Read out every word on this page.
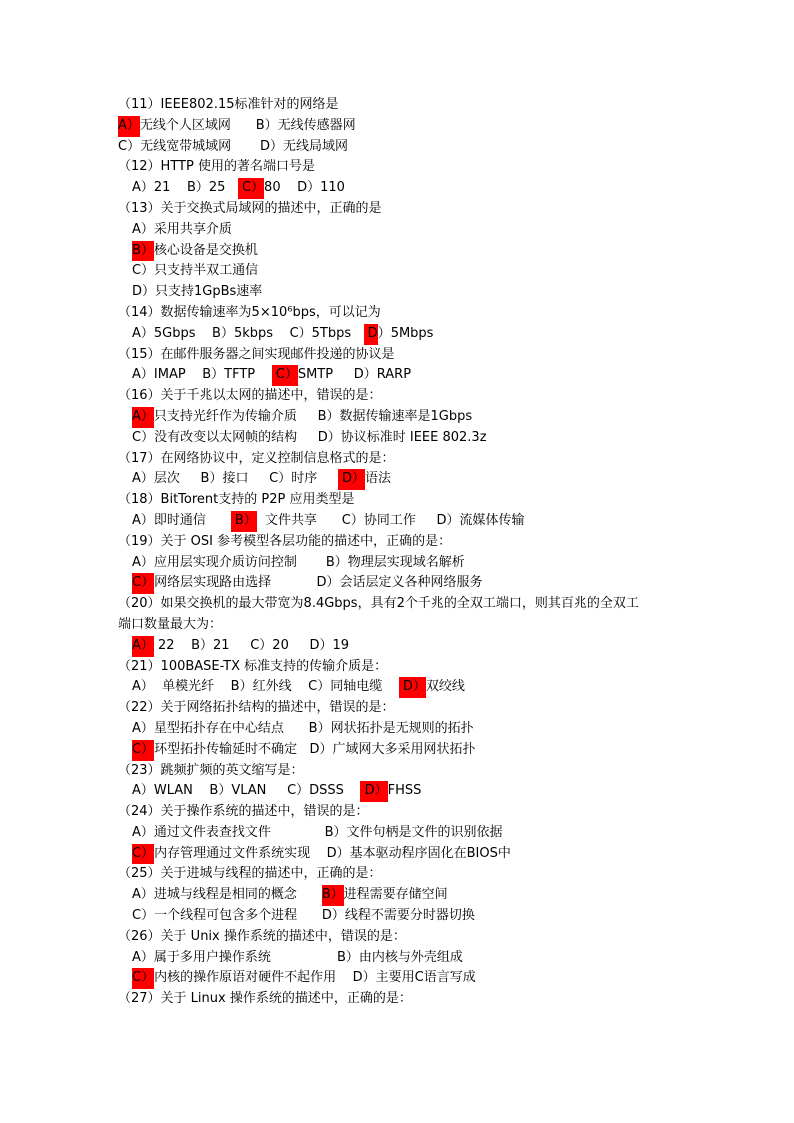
（11）IEEE802.15标准针对的网络是
A）无线个人区域网      B）无线传感器网
C）无线宽带城域网       D）无线局域网
（12）HTTP 使用的著名端口号是
A）21    B）25    C）80    D）110
（13）关于交换式局域网的描述中，正确的是
A）采用共享介质
B）核心设备是交换机
C）只支持半双工通信
D）只支持1GpBs速率
（14）数据传输速率为5×10⁶bps，可以记为
A）5Gbps    B）5kbps    C）5Tbps    D）5Mbps
（15）在邮件服务器之间实现邮件投递的协议是
A）IMAP    B）TFTP     C）SMTP     D）RARP
（16）关于千兆以太网的描述中，错误的是：
A）只支持光纤作为传输介质     B）数据传输速率是1Gbps
C）没有改变以太网帧的结构     D）协议标准时 IEEE 802.3z
（17）在网络协议中，定义控制信息格式的是：
A）层次     B）接口     C）时序      D）语法
（18）BitTorent支持的 P2P 应用类型是
A）即时通信       B）  文件共享      C）协同工作     D）流媒体传输
（19）关于 OSI 参考模型各层功能的描述中，正确的是：
A）应用层实现介质访问控制       B）物理层实现域名解析
C）网络层实现路由选择           D）会话层定义各种网络服务
（20）如果交换机的最大带宽为8.4Gbps，具有2个千兆的全双工端口，则其百兆的全双工
端口数量最大为：
A） 22    B）21     C）20     D）19
（21）100BASE-TX 标准支持的传输介质是：
A）  单模光纤    B）红外线    C）同轴电缆     D）双绞线
（22）关于网络拓扑结构的描述中，错误的是：
A）星型拓扑存在中心结点      B）网状拓扑是无规则的拓扑
C）环型拓扑传输延时不确定   D）广域网大多采用网状拓扑
（23）跳频扩频的英文缩写是：
A）WLAN    B）VLAN     C）DSSS     D）FHSS
（24）关于操作系统的描述中，错误的是：
A）通过文件表查找文件             B）文件句柄是文件的识别依据
C）内存管理通过文件系统实现    D）基本驱动程序固化在BIOS中
（25）关于进城与线程的描述中，正确的是：
A）进城与线程是相同的概念      B）进程需要存储空间
C）一个线程可包含多个进程      D）线程不需要分时器切换
（26）关于 Unix 操作系统的描述中，错误的是：
A）属于多用户操作系统                B）由内核与外壳组成
C）内核的操作原语对硬件不起作用    D）主要用C语言写成
（27）关于 Linux 操作系统的描述中，正确的是：
